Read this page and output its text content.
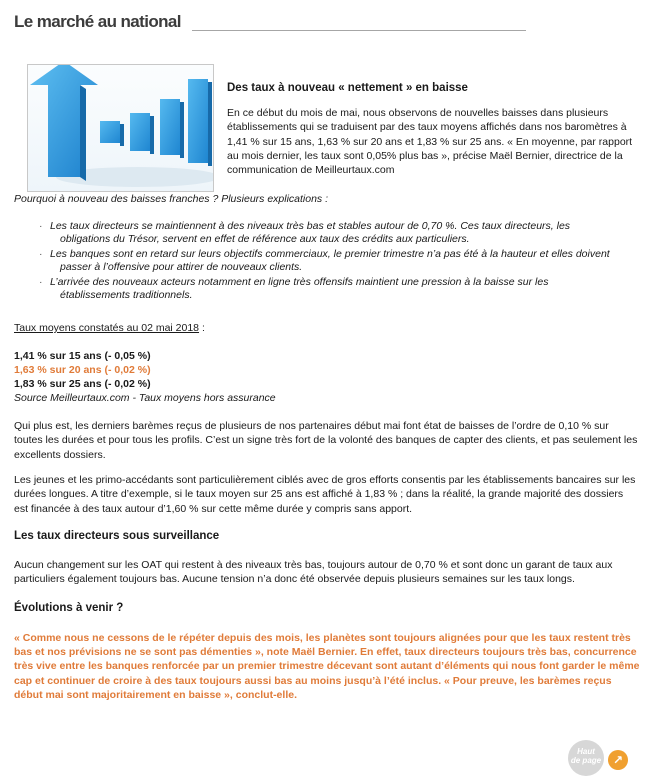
Le marché au national
Des taux à nouveau « nettement » en baisse
En ce début du mois de mai, nous observons de nouvelles baisses dans plusieurs établissements qui se traduisent par des taux moyens affichés dans nos baromètres à 1,41 % sur 15 ans, 1,63 % sur 20 ans et 1,83 % sur 25 ans. « En moyenne, par rapport au mois dernier, les taux sont 0,05% plus bas », précise Maël Bernier, directrice de la communication de Meilleurtaux.com
Pourquoi à nouveau des baisses franches ? Plusieurs explications :
· Les taux directeurs se maintiennent à des niveaux très bas et stables autour de 0,70 %. Ces taux directeurs, les obligations du Trésor, servent en effet de référence aux taux des crédits aux particuliers.
· Les banques sont en retard sur leurs objectifs commerciaux, le premier trimestre n’a pas été à la hauteur et elles doivent passer à l’offensive pour attirer de nouveaux clients.
· L’arrivée des nouveaux acteurs notamment en ligne très offensifs maintient une pression à la baisse sur les établissements traditionnels.
Taux moyens constatés au 02 mai 2018 :
1,41 % sur 15 ans (- 0,05 %)
1,63 % sur 20 ans (- 0,02 %)
1,83 % sur 25 ans (- 0,02 %)
Source Meilleurtaux.com - Taux moyens hors assurance

Qui plus est, les derniers barèmes reçus de plusieurs de nos partenaires début mai font état de baisses de l’ordre de 0,10 % sur toutes les durées et pour tous les profils. C’est un signe très fort de la volonté des banques de capter des clients, et pas seulement les excellents dossiers.

Les jeunes et les primo-accédants sont particulièrement ciblés avec de gros efforts consentis par les établissements bancaires sur les durées longues. A titre d’exemple, si le taux moyen sur 25 ans est affiché à 1,83 % ; dans la réalité, la grande majorité des dossiers est financée à des taux autour d’1,60 % sur cette même durée y compris sans apport.

Les taux directeurs sous surveillance

Aucun changement sur les OAT qui restent à des niveaux très bas, toujours autour de 0,70 % et sont donc un garant de taux aux particuliers également toujours bas. Aucune tension n’a donc été observée depuis plusieurs semaines sur les taux longs.

Évolutions à venir ?
« Comme nous ne cessons de le répéter depuis des mois, les planètes sont toujours alignées pour que les taux restent très bas et nos prévisions ne se sont pas démenties », note Maël Bernier. En effet, taux directeurs toujours très bas, concurrence très vive entre les banques renforcée par un premier trimestre décevant sont autant d’éléments qui nous font garder le même cap et continuer de croire à des taux toujours aussi bas au moins jusqu’à l’été inclus. « Pour preuve, les barèmes reçus début mai sont majoritairement en baisse », conclut-elle.
Haut
de page ↗
